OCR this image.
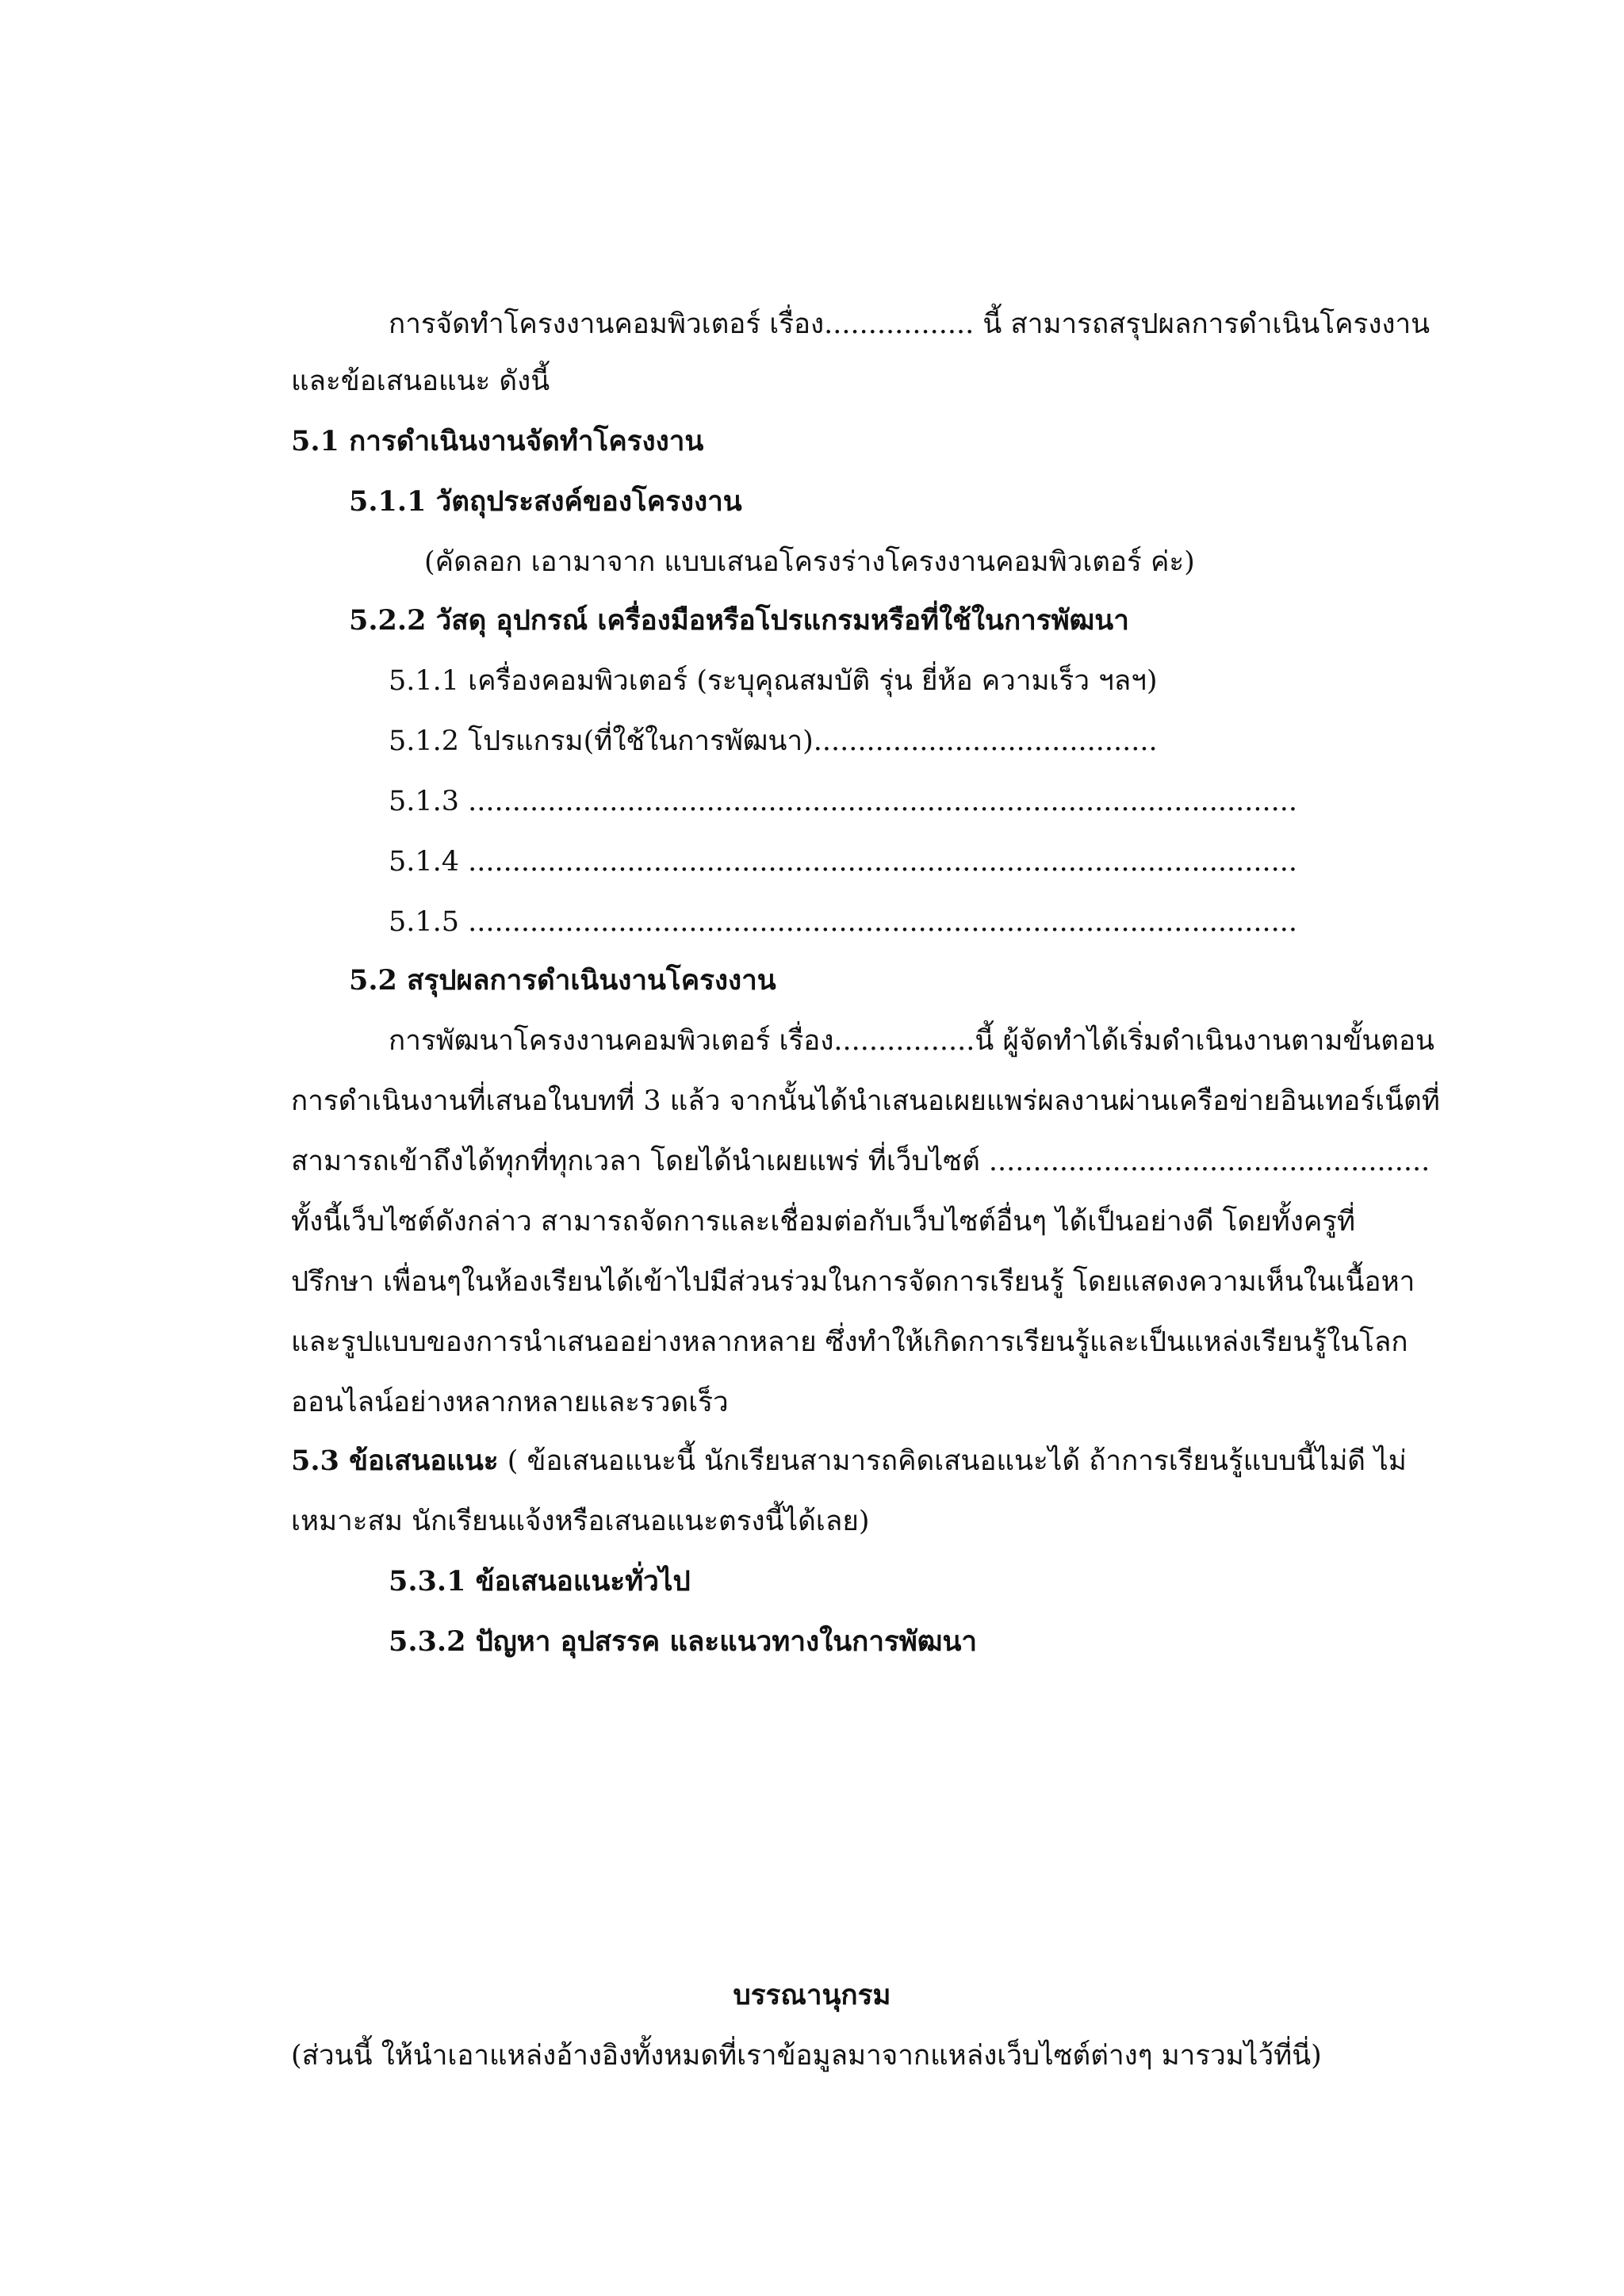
การจัดทำโครงงานคอมพิวเตอร์ เรื่อง................. นี้ สามารถสรุปผลการดำเนินโครงงาน
และข้อเสนอแนะ ดังนี้
5.1 การดำเนินงานจัดทำโครงงาน
5.1.1 วัตถุประสงค์ของโครงงาน
(คัดลอก เอามาจาก แบบเสนอโครงร่างโครงงานคอมพิวเตอร์ ค่ะ)
5.2.2 วัสดุ อุปกรณ์ เครื่องมือหรือโปรแกรมหรือที่ใช้ในการพัฒนา
5.1.1 เครื่องคอมพิวเตอร์ (ระบุคุณสมบัติ รุ่น ยี่ห้อ ความเร็ว ฯลฯ)
5.1.2 โปรแกรม(ที่ใช้ในการพัฒนา).......................................
5.1.3 ..............................................................................................
5.1.4 ..............................................................................................
5.1.5 ..............................................................................................
5.2 สรุปผลการดำเนินงานโครงงาน
การพัฒนาโครงงานคอมพิวเตอร์ เรื่อง................นี้ ผู้จัดทำได้เริ่มดำเนินงานตามขั้นตอน
การดำเนินงานที่เสนอในบทที่ 3 แล้ว จากนั้นได้นำเสนอเผยแพร่ผลงานผ่านเครือข่ายอินเทอร์เน็ตที่
สามารถเข้าถึงได้ทุกที่ทุกเวลา โดยได้นำเผยแพร่ ที่เว็บไซต์ ..................................................
ทั้งนี้เว็บไซต์ดังกล่าว สามารถจัดการและเชื่อมต่อกับเว็บไซต์อื่นๆ ได้เป็นอย่างดี โดยทั้งครูที่
ปรึกษา เพื่อนๆในห้องเรียนได้เข้าไปมีส่วนร่วมในการจัดการเรียนรู้ โดยแสดงความเห็นในเนื้อหา
และรูปแบบของการนำเสนออย่างหลากหลาย ซึ่งทำให้เกิดการเรียนรู้และเป็นแหล่งเรียนรู้ในโลก
ออนไลน์อย่างหลากหลายและรวดเร็ว
5.3 ข้อเสนอแนะ ( ข้อเสนอแนะนี้ นักเรียนสามารถคิดเสนอแนะได้ ถ้าการเรียนรู้แบบนี้ไม่ดี ไม่
เหมาะสม นักเรียนแจ้งหรือเสนอแนะตรงนี้ได้เลย)
5.3.1 ข้อเสนอแนะทั่วไป
5.3.2 ปัญหา อุปสรรค และแนวทางในการพัฒนา
บรรณานุกรม
(ส่วนนี้ ให้นำเอาแหล่งอ้างอิงทั้งหมดที่เราข้อมูลมาจากแหล่งเว็บไซต์ต่างๆ มารวมไว้ที่นี่)
